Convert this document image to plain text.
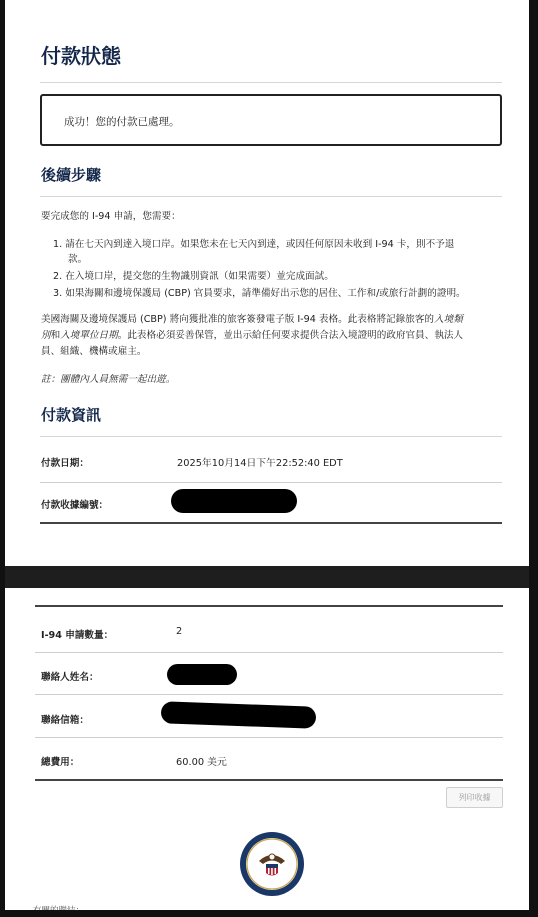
付款狀態
成功！您的付款已處理。
後續步驟
要完成您的 I-94 申請，您需要：
1. 請在七天內到達入境口岸。如果您未在七天內到達，或因任何原因未收到 I-94 卡，則不予退
款。
2. 在入境口岸，提交您的生物識別資訊（如果需要）並完成面試。
3. 如果海關和邊境保護局 (CBP) 官員要求，請準備好出示您的居住、工作和/或旅行計劃的證明。
美國海關及邊境保護局 (CBP) 將向獲批准的旅客簽發電子版 I-94 表格。此表格將記錄旅客的入境類
別和入境單位日期。此表格必須妥善保管，並出示給任何要求提供合法入境證明的政府官員、執法人
員、組織、機構或雇主。
註：團體內人員無需一起出遊。
付款資訊
付款日期：	2025年10月14日下午22:52:40 EDT
付款收據編號：
I-94 申請數量：	2
聯絡人姓名：
聯絡信箱：
總費用：	60.00 美元
列印收據
